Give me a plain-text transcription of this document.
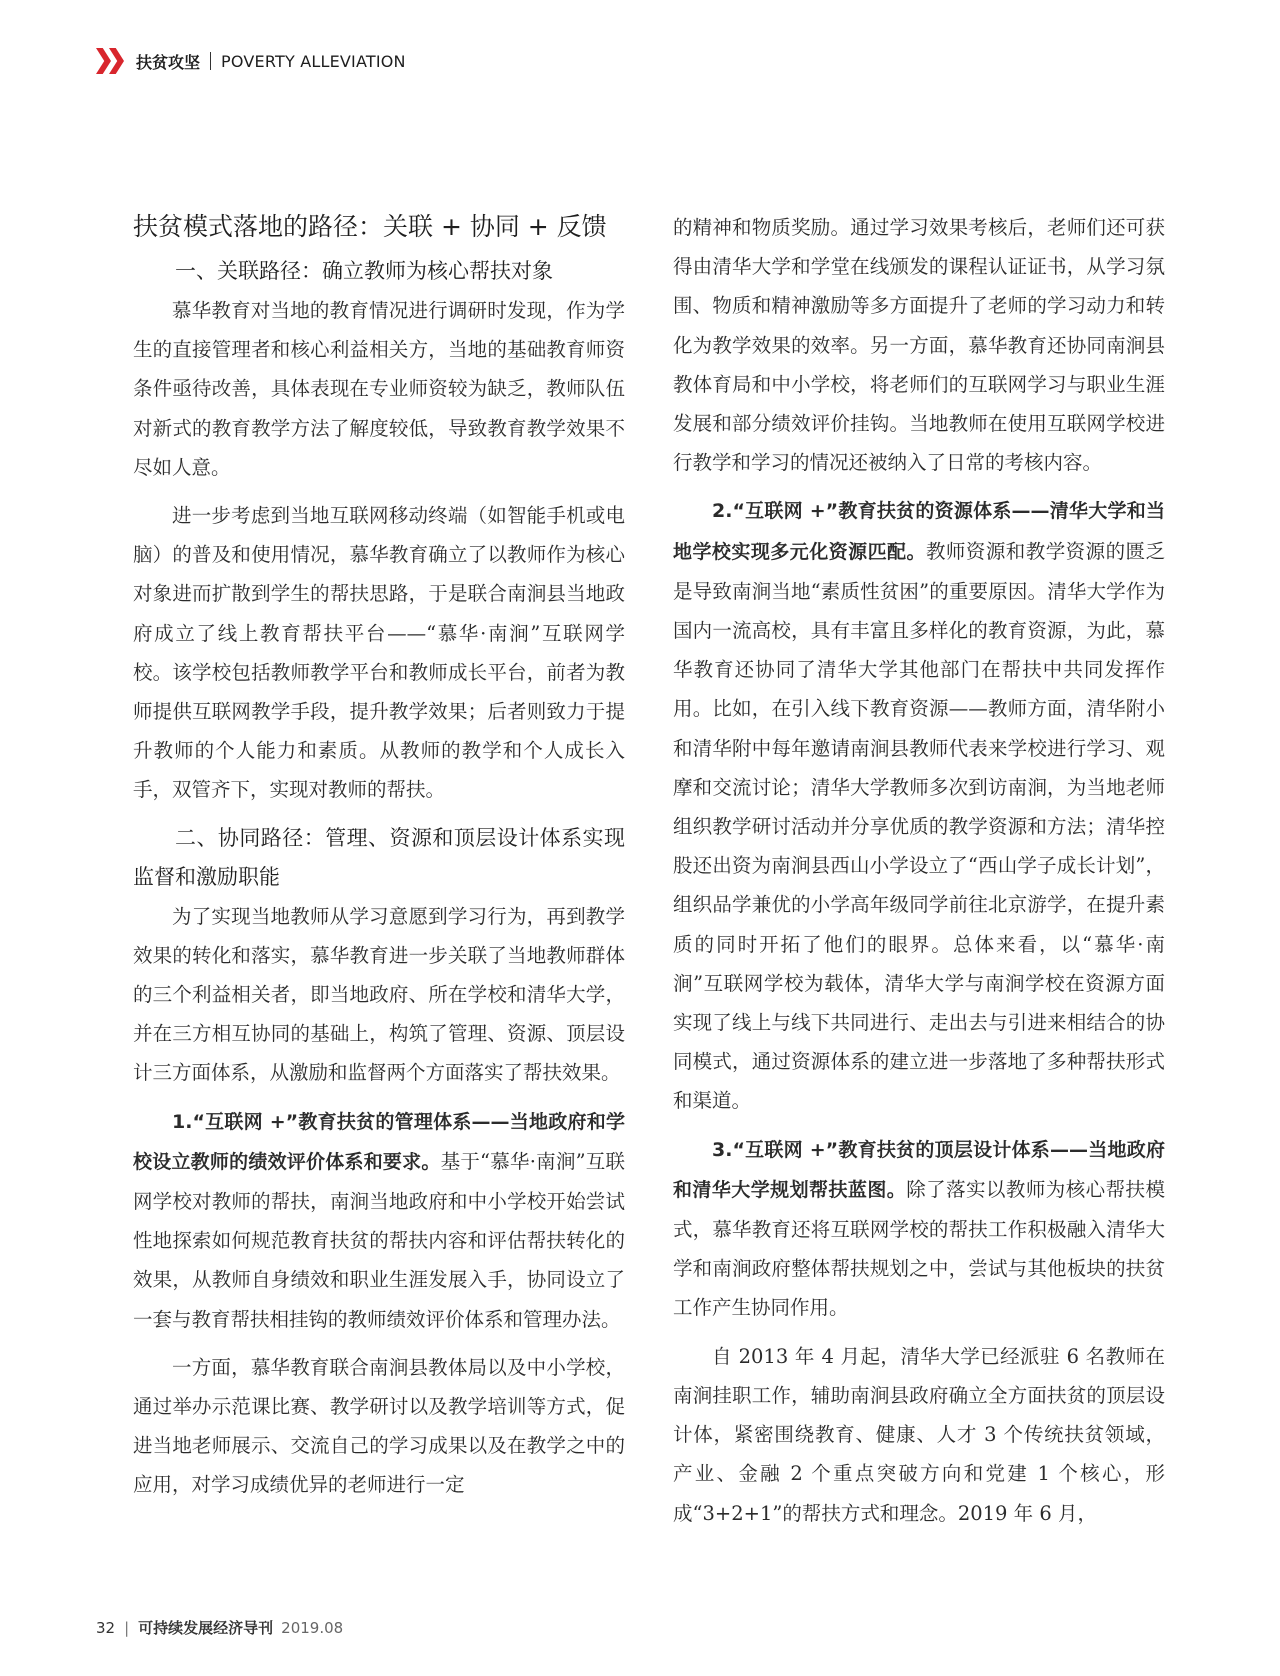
扶贫攻坚 POVERTY ALLEVIATION
扶贫模式落地的路径：关联 + 协同 + 反馈
一、关联路径：确立教师为核心帮扶对象

慕华教育对当地的教育情况进行调研时发现，作为学生的直接管理者和核心利益相关方，当地的基础教育师资条件亟待改善，具体表现在专业师资较为缺乏，教师队伍对新式的教育教学方法了解度较低，导致教育教学效果不尽如人意。

进一步考虑到当地互联网移动终端（如智能手机或电脑）的普及和使用情况，慕华教育确立了以教师作为核心对象进而扩散到学生的帮扶思路，于是联合南涧县当地政府成立了线上教育帮扶平台——“慕华·南涧”互联网学校。该学校包括教师教学平台和教师成长平台，前者为教师提供互联网教学手段，提升教学效果；后者则致力于提升教师的个人能力和素质。从教师的教学和个人成长入手，双管齐下，实现对教师的帮扶。

二、协同路径：管理、资源和顶层设计体系实现监督和激励职能

为了实现当地教师从学习意愿到学习行为，再到教学效果的转化和落实，慕华教育进一步关联了当地教师群体的三个利益相关者，即当地政府、所在学校和清华大学，并在三方相互协同的基础上，构筑了管理、资源、顶层设计三方面体系，从激励和监督两个方面落实了帮扶效果。

1.“互联网 +”教育扶贫的管理体系——当地政府和学校设立教师的绩效评价体系和要求。基于“慕华·南涧”互联网学校对教师的帮扶，南涧当地政府和中小学校开始尝试性地探索如何规范教育扶贫的帮扶内容和评估帮扶转化的效果，从教师自身绩效和职业生涯发展入手，协同设立了一套与教育帮扶相挂钩的教师绩效评价体系和管理办法。

一方面，慕华教育联合南涧县教体局以及中小学校，通过举办示范课比赛、教学研讨以及教学培训等方式，促进当地老师展示、交流自己的学习成果以及在教学之中的应用，对学习成绩优异的老师进行一定

的精神和物质奖励。通过学习效果考核后，老师们还可获得由清华大学和学堂在线颁发的课程认证证书，从学习氛围、物质和精神激励等多方面提升了老师的学习动力和转化为教学效果的效率。另一方面，慕华教育还协同南涧县教体育局和中小学校，将老师们的互联网学习与职业生涯发展和部分绩效评价挂钩。当地教师在使用互联网学校进行教学和学习的情况还被纳入了日常的考核内容。

2.“互联网 +”教育扶贫的资源体系——清华大学和当地学校实现多元化资源匹配。教师资源和教学资源的匮乏是导致南涧当地“素质性贫困”的重要原因。清华大学作为国内一流高校，具有丰富且多样化的教育资源，为此，慕华教育还协同了清华大学其他部门在帮扶中共同发挥作用。比如，在引入线下教育资源——教师方面，清华附小和清华附中每年邀请南涧县教师代表来学校进行学习、观摩和交流讨论；清华大学教师多次到访南涧，为当地老师组织教学研讨活动并分享优质的教学资源和方法；清华控股还出资为南涧县西山小学设立了“西山学子成长计划”，组织品学兼优的小学高年级同学前往北京游学，在提升素质的同时开拓了他们的眼界。总体来看，以“慕华·南涧”互联网学校为载体，清华大学与南涧学校在资源方面实现了线上与线下共同进行、走出去与引进来相结合的协同模式，通过资源体系的建立进一步落地了多种帮扶形式和渠道。

3.“互联网 +”教育扶贫的顶层设计体系——当地政府和清华大学规划帮扶蓝图。除了落实以教师为核心帮扶模式，慕华教育还将互联网学校的帮扶工作积极融入清华大学和南涧政府整体帮扶规划之中，尝试与其他板块的扶贫工作产生协同作用。

自 2013 年 4 月起，清华大学已经派驻 6 名教师在南涧挂职工作，辅助南涧县政府确立全方面扶贫的顶层设计体，紧密围绕教育、健康、人才 3 个传统扶贫领域，产业、金融 2 个重点突破方向和党建 1 个核心，形成“3+2+1”的帮扶方式和理念。2019 年 6 月，

32 | 可持续发展经济导刊 2019.08
